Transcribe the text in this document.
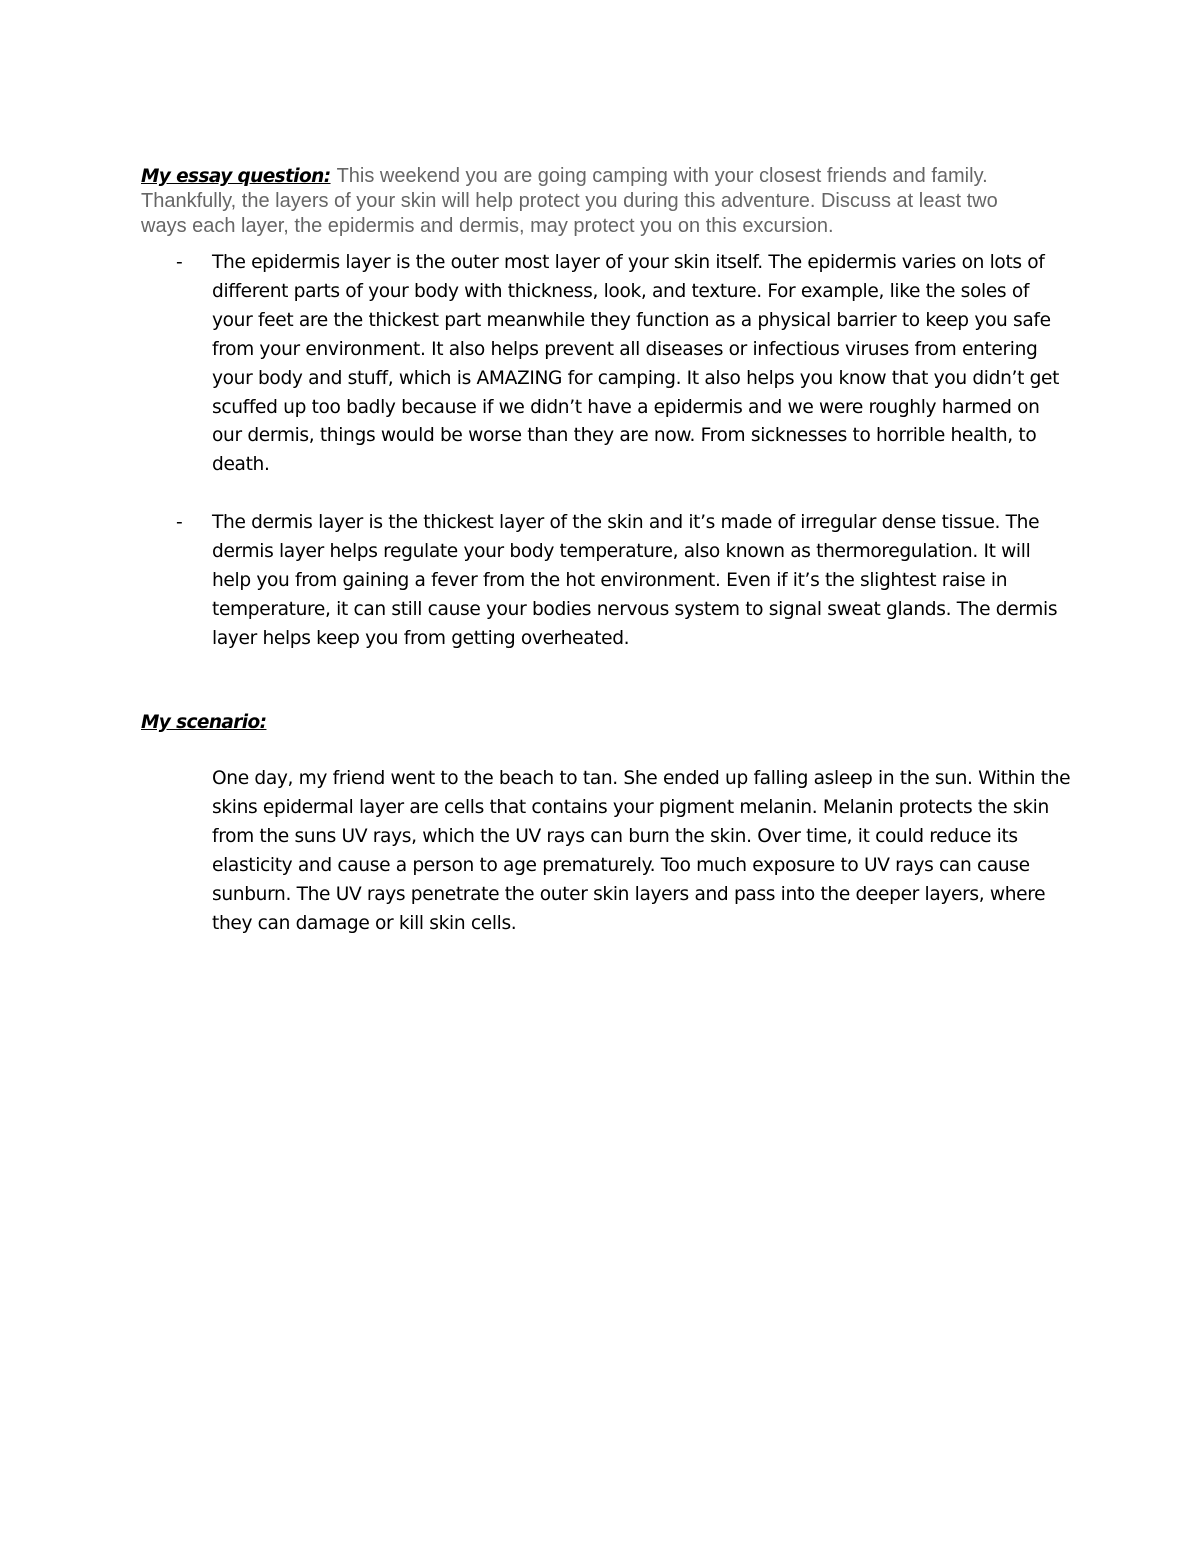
My essay question: This weekend you are going camping with your closest friends and family. Thankfully, the layers of your skin will help protect you during this adventure. Discuss at least two ways each layer, the epidermis and dermis, may protect you on this excursion.

- The epidermis layer is the outer most layer of your skin itself. The epidermis varies on lots of different parts of your body with thickness, look, and texture. For example, like the soles of your feet are the thickest part meanwhile they function as a physical barrier to keep you safe from your environment. It also helps prevent all diseases or infectious viruses from entering your body and stuff, which is AMAZING for camping. It also helps you know that you didn’t get scuffed up too badly because if we didn’t have a epidermis and we were roughly harmed on our dermis, things would be worse than they are now. From sicknesses to horrible health, to death.
- The dermis layer is the thickest layer of the skin and it’s made of irregular dense tissue. The dermis layer helps regulate your body temperature, also known as thermoregulation. It will help you from gaining a fever from the hot environment. Even if it’s the slightest raise in temperature, it can still cause your bodies nervous system to signal sweat glands. The dermis layer helps keep you from getting overheated.
My scenario:

One day, my friend went to the beach to tan. She ended up falling asleep in the sun. Within the skins epidermal layer are cells that contains your pigment melanin. Melanin protects the skin from the suns UV rays, which the UV rays can burn the skin. Over time, it could reduce its elasticity and cause a person to age prematurely. Too much exposure to UV rays can cause sunburn. The UV rays penetrate the outer skin layers and pass into the deeper layers, where they can damage or kill skin cells.
